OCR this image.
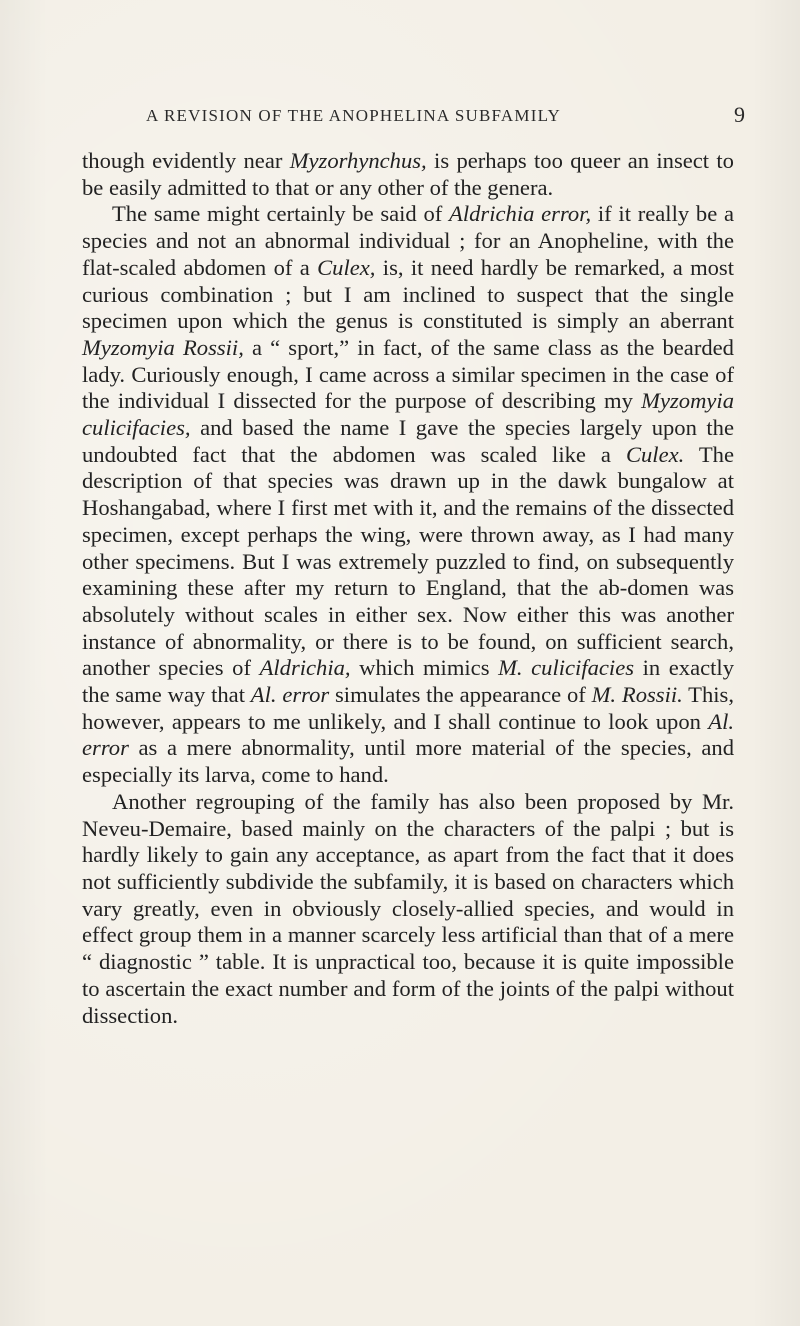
A REVISION OF THE ANOPHELINA SUBFAMILY	9

though evidently near Myzorhynchus, is perhaps too queer an insect to be easily admitted to that or any other of the genera.

The same might certainly be said of Aldrichia error, if it really be a species and not an abnormal individual ; for an Anopheline, with the flat-scaled abdomen of a Culex, is, it need hardly be remarked, a most curious combination ; but I am inclined to suspect that the single specimen upon which the genus is constituted is simply an aberrant Myzomyia Rossii, a “ sport,” in fact, of the same class as the bearded lady. Curiously enough, I came across a similar specimen in the case of the individual I dissected for the purpose of describing my Myzomyia culicifacies, and based the name I gave the species largely upon the undoubted fact that the abdomen was scaled like a Culex. The description of that species was drawn up in the dawk bungalow at Hoshangabad, where I first met with it, and the remains of the dissected specimen, except perhaps the wing, were thrown away, as I had many other specimens. But I was extremely puzzled to find, on subsequently examining these after my return to England, that the ab-domen was absolutely without scales in either sex. Now either this was another instance of abnormality, or there is to be found, on sufficient search, another species of Aldrichia, which mimics M. culicifacies in exactly the same way that Al. error simulates the appearance of M. Rossii. This, however, appears to me unlikely, and I shall continue to look upon Al. error as a mere abnormality, until more material of the species, and especially its larva, come to hand.

Another regrouping of the family has also been proposed by Mr. Neveu-Demaire, based mainly on the characters of the palpi ; but is hardly likely to gain any acceptance, as apart from the fact that it does not sufficiently subdivide the subfamily, it is based on characters which vary greatly, even in obviously closely-allied species, and would in effect group them in a manner scarcely less artificial than that of a mere “ diagnostic ” table. It is unpractical too, because it is quite impossible to ascertain the exact number and form of the joints of the palpi without dissection.
